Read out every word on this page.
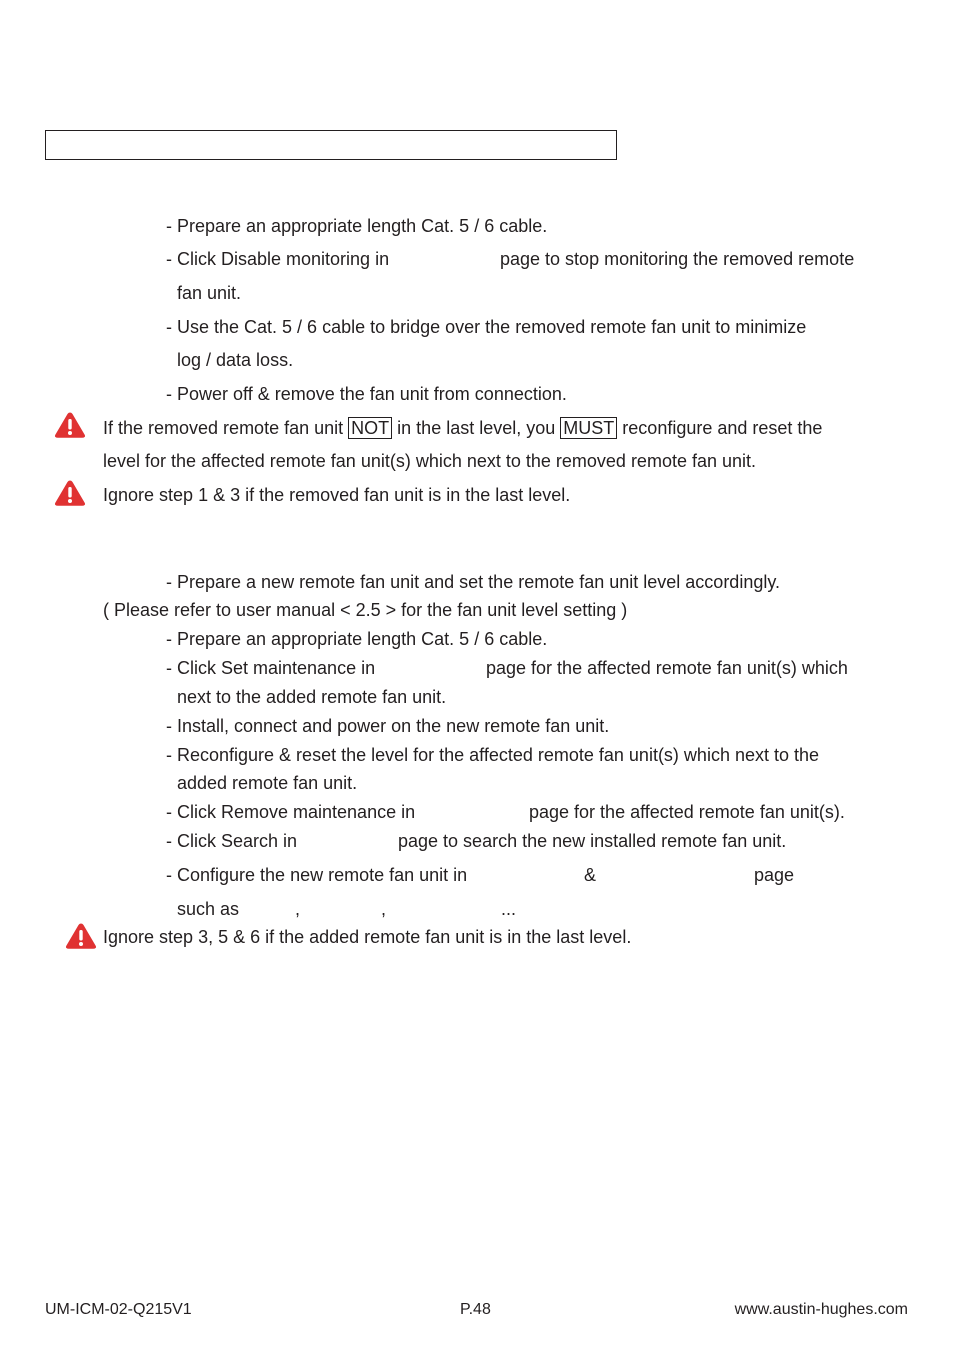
- Prepare an appropriate length Cat. 5 / 6 cable.
- Click Disable monitoring in	page to stop monitoring the removed remote
fan unit.
- Use the Cat. 5 / 6 cable to bridge over the removed remote fan unit to minimize
log / data loss.
- Power off & remove the fan unit from connection.
If the removed remote fan unit NOT in the last level, you MUST reconfigure and reset the
level for the affected remote fan unit(s) which next to the removed remote fan unit.
Ignore step 1 & 3 if the removed fan unit is in the last level.
- Prepare a new remote fan unit and set the remote fan unit level accordingly.
( Please refer to user manual < 2.5 > for the fan unit level setting )
- Prepare an appropriate length Cat. 5 / 6 cable.
- Click Set maintenance in	page for the affected remote fan unit(s) which
next to the added remote fan unit.
- Install, connect and power on the new remote fan unit.
- Reconfigure & reset the level for the affected remote fan unit(s) which next to the
added remote fan unit.
- Click Remove maintenance in	page for the affected remote fan unit(s).
- Click Search in	page to search the new installed remote fan unit.
- Configure the new remote fan unit in	&	page
such as	,	,	...
Ignore step 3, 5 & 6 if the added remote fan unit is in the last level.
UM-ICM-02-Q215V1	P.48	www.austin-hughes.com
